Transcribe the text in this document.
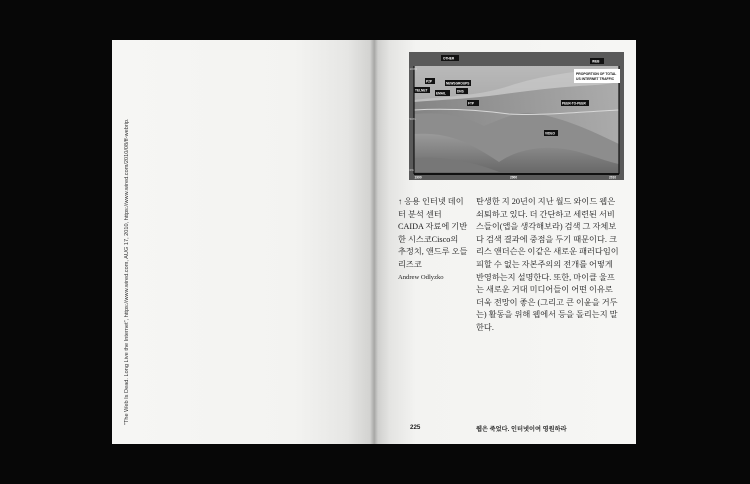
"The Web Is Dead. Long Live the Internet", https://www.wired.com, AUG 17, 2010, https://www.wired.com/2010/08/ff-webrip.
PROPORTION OF TOTAL
US INTERNET TRAFFIC
OTHER
WEB
NEWSGROUPS
TELNET
EMAIL
P2P
FTP	PEER-TO-PEER
VIDEO
DNS
1990	2000	2010
100%
50%
0%
↑ 응용 인터넷 데이터 분석 센터 CAIDA 자료에 기반한 시스코Cisco의 추정치, 앤드루 오들리즈코
Andrew Odlyzko
탄생한 지 20년이 지난 월드 와이드 웹은 쇠퇴하고 있다. 더 간단하고 세련된 서비스들이(앱을 생각해보라) 검색 그 자체보다 검색 결과에 중점을 두기 때문이다. 크리스 앤더슨은 이같은 새로운 패러다임이 피할 수 없는 자본주의의 전개를 어떻게 반영하는지 설명한다. 또한, 마이클 울프는 새로운 거대 미디어들이 어떤 이유로 더욱 전망이 좋은 (그리고 큰 이윤을 거두는) 활동을 위해 웹에서 등을 돌리는지 말한다.
225	웹은 죽었다. 인터넷이여 영원하라
